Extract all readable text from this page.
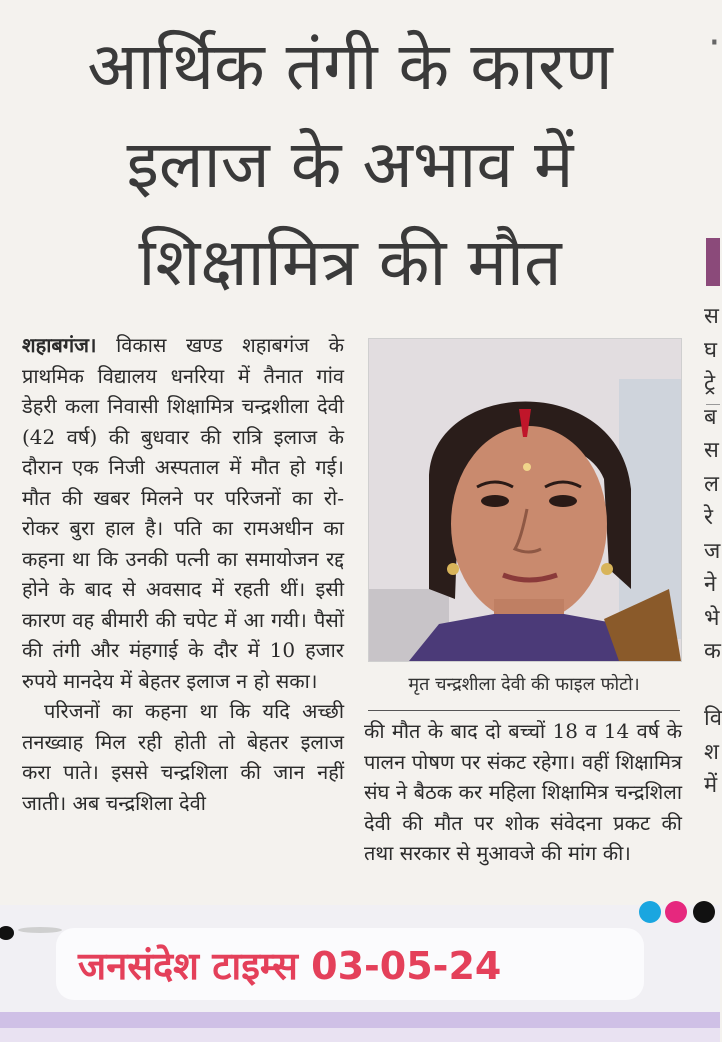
·
स
घ
ट्रे
ब
स
ल
रे
ज
ने
भे
क

वि
श
में
आर्थिक तंगी के कारण
इलाज के अभाव में
शिक्षामित्र की मौत

शहाबगंज। विकास खण्ड शहाबगंज के प्राथमिक विद्यालय धनरिया में तैनात गांव डेहरी कला निवासी शिक्षामित्र चन्द्रशीला देवी (42 वर्ष) की बुधवार की रात्रि इलाज के दौरान एक निजी अस्पताल में मौत हो गई। मौत की खबर मिलने पर परिजनों का रो-रोकर बुरा हाल है। पति का रामअधीन का कहना था कि उनकी पत्नी का समायोजन रद्द होने के बाद से अवसाद में रहती थीं। इसी कारण वह बीमारी की चपेट में आ गयी। पैसों की तंगी और मंहगाई के दौर में 10 हजार रुपये मानदेय में बेहतर इलाज न हो सका।

परिजनों का कहना था कि यदि अच्छी तनख्वाह मिल रही होती तो बेहतर इलाज करा पाते। इससे चन्द्रशिला की जान नहीं जाती। अब चन्द्रशिला देवी

मृत चन्द्रशीला देवी की फाइल फोटो।

की मौत के बाद दो बच्चों 18 व 14 वर्ष के पालन पोषण पर संकट रहेगा। वहीं शिक्षामित्र संघ ने बैठक कर महिला शिक्षामित्र चन्द्रशिला देवी की मौत पर शोक संवेदना प्रकट की तथा सरकार से मुआवजे की मांग की।

जनसंदेश टाइम्स 03-05-24
